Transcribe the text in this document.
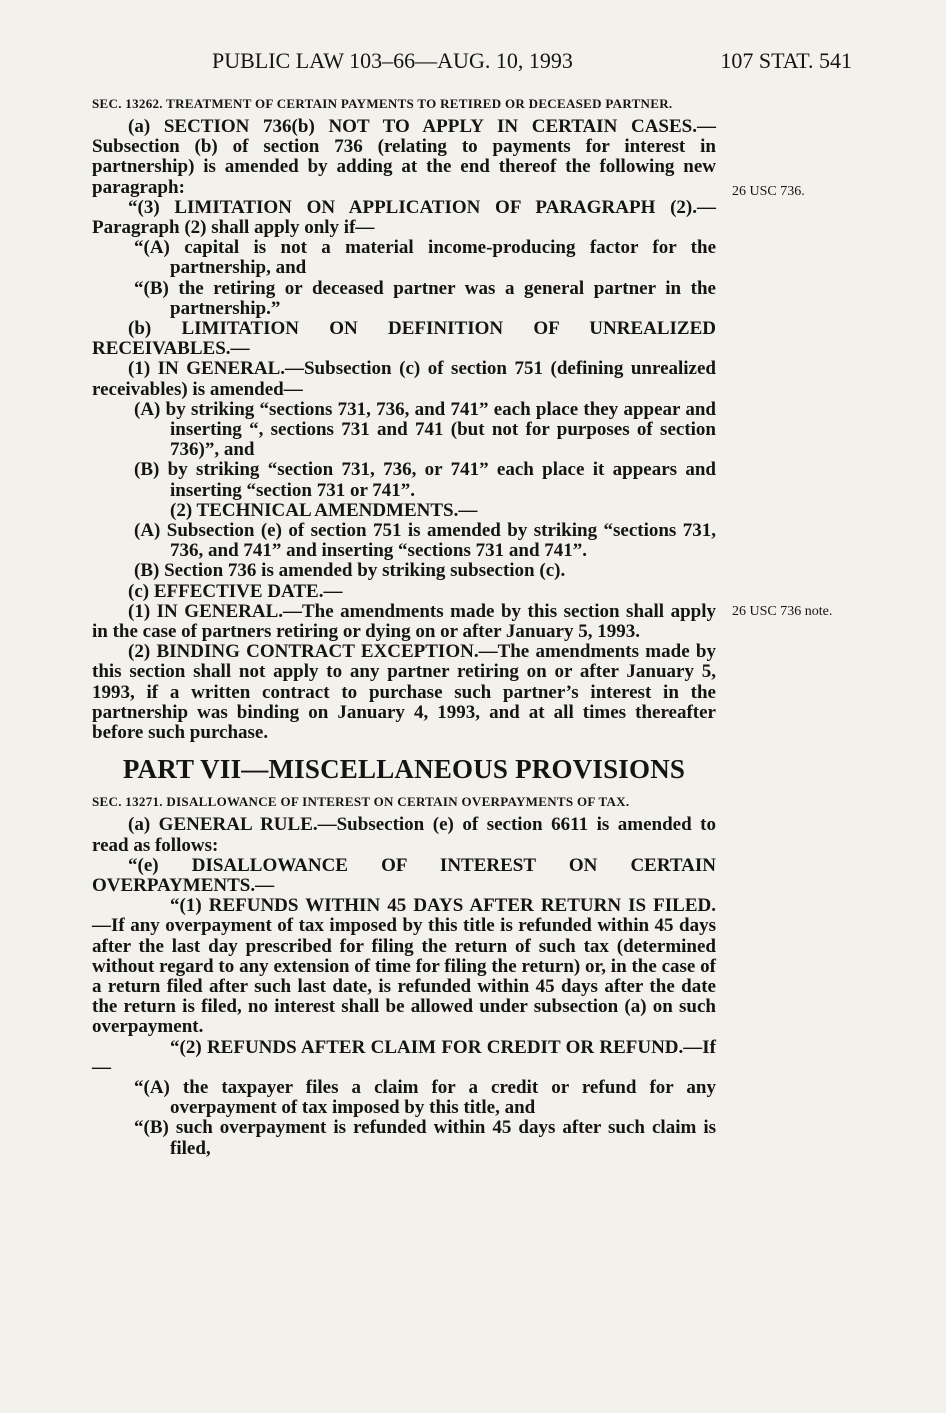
PUBLIC LAW 103–66—AUG. 10, 1993	107 STAT. 541
26 USC 736.
26 USC 736 note.

SEC. 13262. TREATMENT OF CERTAIN PAYMENTS TO RETIRED OR DECEASED PARTNER.

(a) SECTION 736(b) NOT TO APPLY IN CERTAIN CASES.—Subsection (b) of section 736 (relating to payments for interest in partnership) is amended by adding at the end thereof the following new paragraph:

“(3) LIMITATION ON APPLICATION OF PARAGRAPH (2).—Paragraph (2) shall apply only if—

“(A) capital is not a material income-producing factor for the partnership, and

“(B) the retiring or deceased partner was a general partner in the partnership.”

(b) LIMITATION ON DEFINITION OF UNREALIZED RECEIVABLES.—

(1) IN GENERAL.—Subsection (c) of section 751 (defining unrealized receivables) is amended—

(A) by striking “sections 731, 736, and 741” each place they appear and inserting “, sections 731 and 741 (but not for purposes of section 736)”, and

(B) by striking “section 731, 736, or 741” each place it appears and inserting “section 731 or 741”.

(2) TECHNICAL AMENDMENTS.—

(A) Subsection (e) of section 751 is amended by striking “sections 731, 736, and 741” and inserting “sections 731 and 741”.

(B) Section 736 is amended by striking subsection (c).

(c) EFFECTIVE DATE.—

(1) IN GENERAL.—The amendments made by this section shall apply in the case of partners retiring or dying on or after January 5, 1993.

(2) BINDING CONTRACT EXCEPTION.—The amendments made by this section shall not apply to any partner retiring on or after January 5, 1993, if a written contract to purchase such partner’s interest in the partnership was binding on January 4, 1993, and at all times thereafter before such purchase.

PART VII—MISCELLANEOUS PROVISIONS

SEC. 13271. DISALLOWANCE OF INTEREST ON CERTAIN OVERPAYMENTS OF TAX.

(a) GENERAL RULE.—Subsection (e) of section 6611 is amended to read as follows:

“(e) DISALLOWANCE OF INTEREST ON CERTAIN OVERPAYMENTS.—

“(1) REFUNDS WITHIN 45 DAYS AFTER RETURN IS FILED.—If any overpayment of tax imposed by this title is refunded within 45 days after the last day prescribed for filing the return of such tax (determined without regard to any extension of time for filing the return) or, in the case of a return filed after such last date, is refunded within 45 days after the date the return is filed, no interest shall be allowed under subsection (a) on such overpayment.

“(2) REFUNDS AFTER CLAIM FOR CREDIT OR REFUND.—If—

“(A) the taxpayer files a claim for a credit or refund for any overpayment of tax imposed by this title, and

“(B) such overpayment is refunded within 45 days after such claim is filed,
